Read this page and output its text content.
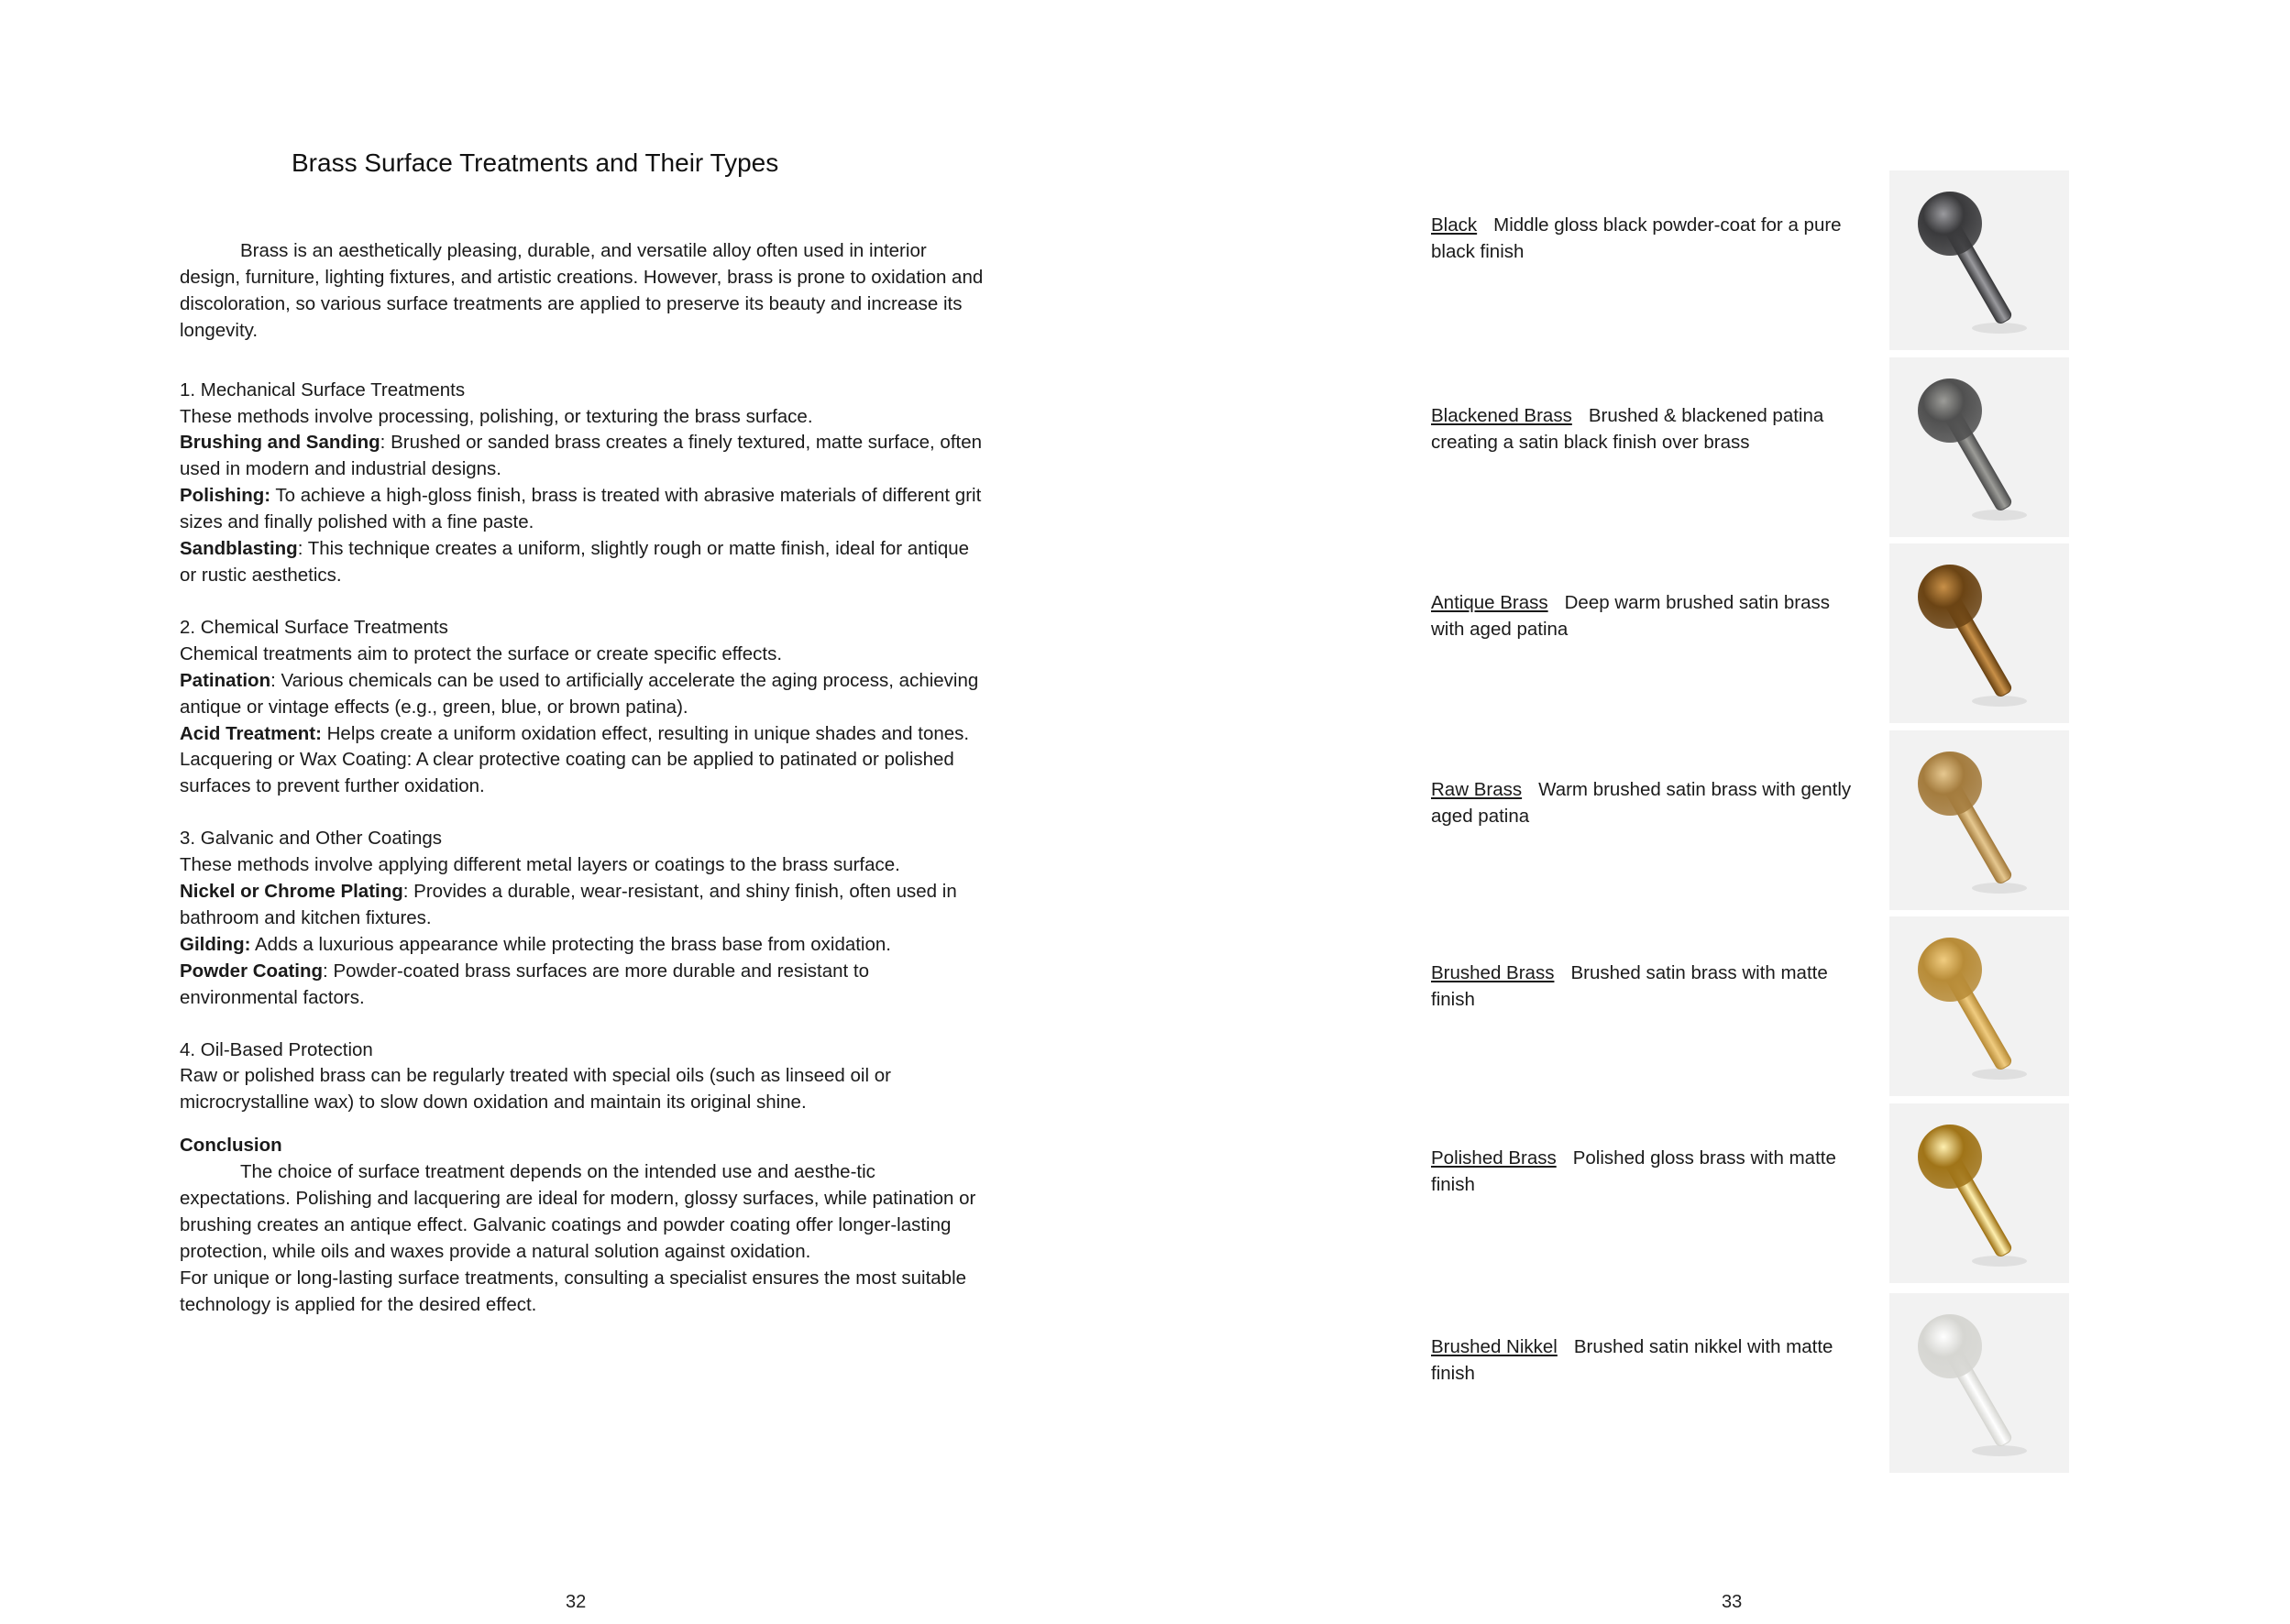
Brass Surface Treatments and Their Types

Brass is an aesthetically pleasing, durable, and versatile alloy often used in interior design, furniture, lighting fixtures, and artistic creations. However, brass is prone to oxidation and discoloration, so various surface treatments are applied to preserve its beauty and increase its longevity.

1. Mechanical Surface Treatments

These methods involve processing, polishing, or texturing the brass surface.

Brushing and Sanding: Brushed or sanded brass creates a finely textured, matte surface, often used in modern and industrial designs.

Polishing: To achieve a high-gloss finish, brass is treated with abrasive materials of different grit sizes and finally polished with a fine paste.

Sandblasting: This technique creates a uniform, slightly rough or matte finish, ideal for antique or rustic aesthetics.

2. Chemical Surface Treatments

Chemical treatments aim to protect the surface or create specific effects.

Patination: Various chemicals can be used to artificially accelerate the aging process, achieving antique or vintage effects (e.g., green, blue, or brown patina).

Acid Treatment: Helps create a uniform oxidation effect, resulting in unique shades and tones.

Lacquering or Wax Coating: A clear protective coating can be applied to patinated or polished surfaces to prevent further oxidation.

3. Galvanic and Other Coatings

These methods involve applying different metal layers or coatings to the brass surface.

Nickel or Chrome Plating: Provides a durable, wear-resistant, and shiny finish, often used in bathroom and kitchen fixtures.

Gilding: Adds a luxurious appearance while protecting the brass base from oxidation.

Powder Coating: Powder-coated brass surfaces are more durable and resistant to environmental factors.

4. Oil-Based Protection

Raw or polished brass can be regularly treated with special oils (such as linseed oil or microcrystalline wax) to slow down oxidation and maintain its original shine.

Conclusion

The choice of surface treatment depends on the intended use and aesthe-tic expectations. Polishing and lacquering are ideal for modern, glossy surfaces, while patination or brushing creates an antique effect. Galvanic coatings and powder coating offer longer-lasting protection, while oils and waxes provide a natural solution against oxidation.

For unique or long-lasting surface treatments, consulting a specialist ensures the most suitable technology is applied for the desired effect.

32
Black Middle gloss black powder-coat for a pure black finish
Blackened Brass Brushed & blackened patina creating a satin black finish over brass
Antique Brass Deep warm brushed satin brass with aged patina
Raw Brass Warm brushed satin brass with gently aged patina
Brushed Brass Brushed satin brass with matte finish
Polished Brass Polished gloss brass with matte finish
Brushed Nikkel Brushed satin nikkel with matte finish
33
